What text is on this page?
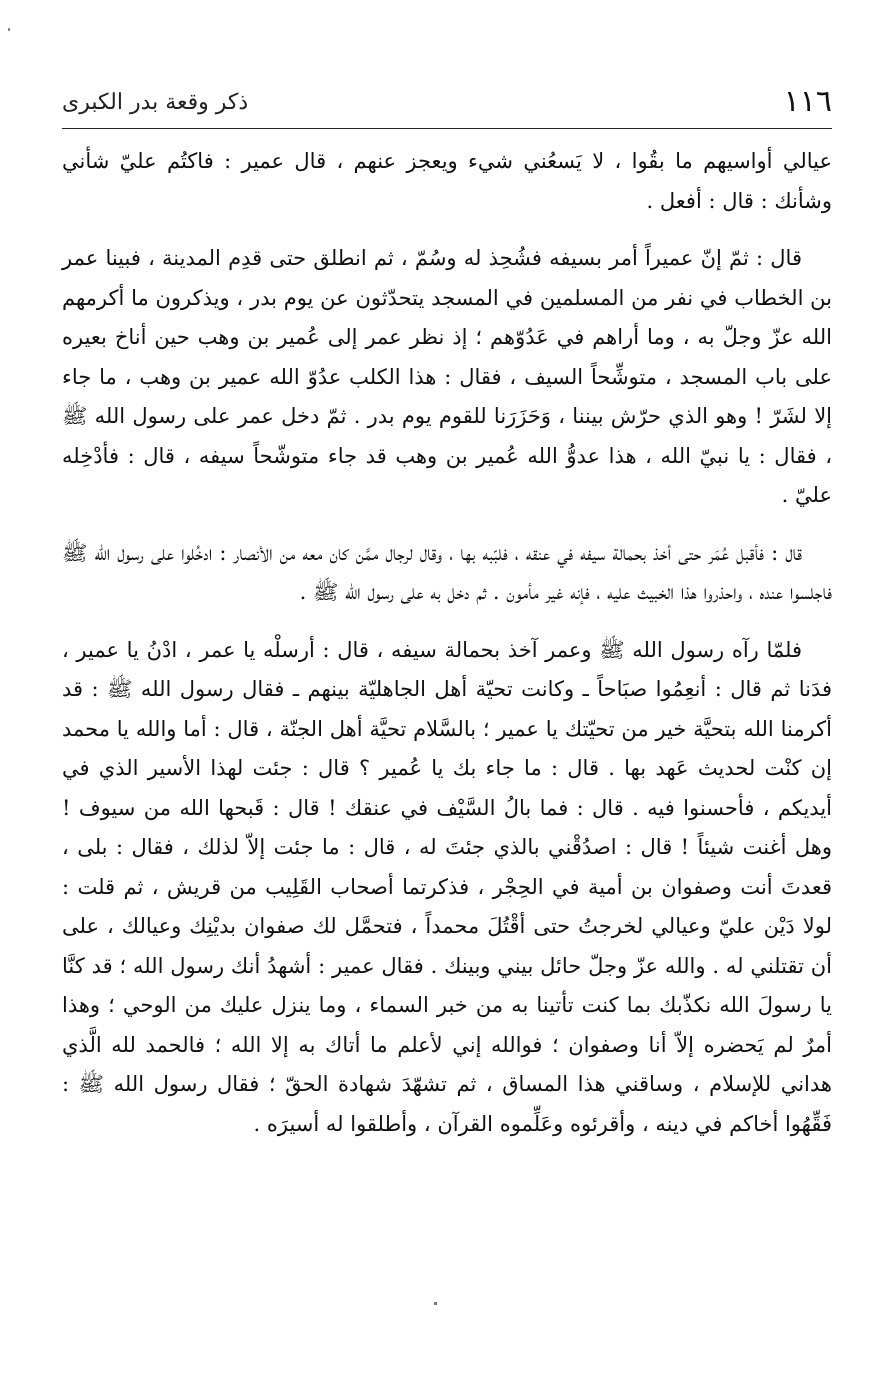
١١٦
ذكر وقعة بدر الكبرى

عيالي أواسيهم ما بقُوا ، لا يَسعُني شيء ويعجز عنهم ، قال عمير : فاكتُم عليّ شأني وشأنك : قال : أفعل .

قال : ثمّ إنّ عميراً أمر بسيفه فشُحِذ له وسُمّ ، ثم انطلق حتى قدِم المدينة ، فبينا عمر بن الخطاب في نفر من المسلمين في المسجد يتحدّثون عن يوم بدر ، ويذكرون ما أكرمهم الله عزّ وجلّ به ، وما أراهم في عَدُوّهم ؛ إذ نظر عمر إلى عُمير بن وهب حين أناخ بعيره على باب المسجد ، متوشِّحاً السيف ، فقال : هذا الكلب عدُوّ الله عمير بن وهب ، ما جاء إلا لشَرّ ! وهو الذي حرّش بيننا ، وَحَزَرَنا للقوم يوم بدر . ثمّ دخل عمر على رسول الله ﷺ ، فقال : يا نبيّ الله ، هذا عدوُّ الله عُمير بن وهب قد جاء متوشّحاً سيفه ، قال : فأدْخِله عليّ .

قال : فأقبل عُمَر حتى أخذ بحمالة سيفه في عنقه ، فلبّبه بها ، وقال لرجال ممَّن كان معه من الأنصار : ادخُلوا على رسول الله ﷺ فاجلسوا عنده ، واحذروا هذا الخبيث عليه ، فإنه غير مأمون . ثم دخل به على رسول الله ﷺ .

فلمّا رآه رسول الله ﷺ وعمر آخذ بحمالة سيفه ، قال : أرسلْه يا عمر ، ادْنُ يا عمير ، فدَنا ثم قال : أنعِمُوا صبَاحاً ـ وكانت تحيّة أهل الجاهليّة بينهم ـ فقال رسول الله ﷺ : قد أكرمنا الله بتحيَّة خير من تحيّتك يا عمير ؛ بالسَّلام تحيَّة أهل الجنّة ، قال : أما والله يا محمد إن كنْت لحديث عَهد بها . قال : ما جاء بك يا عُمير ؟ قال : جئت لهذا الأسير الذي في أيديكم ، فأحسنوا فيه . قال : فما بالُ السَّيْف في عنقك ! قال : قَبحها الله من سيوف ! وهل أغنت شيئاً ! قال : اصدُقْني بالذي جئتَ له ، قال : ما جئت إلاّ لذلك ، فقال : بلى ، قعدتَ أنت وصفوان بن أمية في الحِجْر ، فذكرتما أصحاب القَلِيب من قريش ، ثم قلت : لولا دَيْن عليّ وعيالي لخرجتُ حتى أقْتُلَ محمداً ، فتحمَّل لك صفوان بديْنِك وعيالك ، على أن تقتلني له . والله عزّ وجلّ حائل بيني وبينك . فقال عمير : أشهدُ أنك رسول الله ؛ قد كنَّا يا رسولَ الله نكذّبك بما كنت تأتينا به من خبر السماء ، وما ينزل عليك من الوحي ؛ وهذا أمرٌ لم يَحضره إلاّ أنا وصفوان ؛ فوالله إني لأعلم ما أتاك به إلا الله ؛ فالحمد لله الَّذي هداني للإسلام ، وساقني هذا المساق ، ثم تشهّدَ شهادة الحقّ ؛ فقال رسول الله ﷺ : فَقِّهُوا أخاكم في دينه ، وأقرئوه وعَلِّموه القرآن ، وأطلقوا له أسيرَه .
